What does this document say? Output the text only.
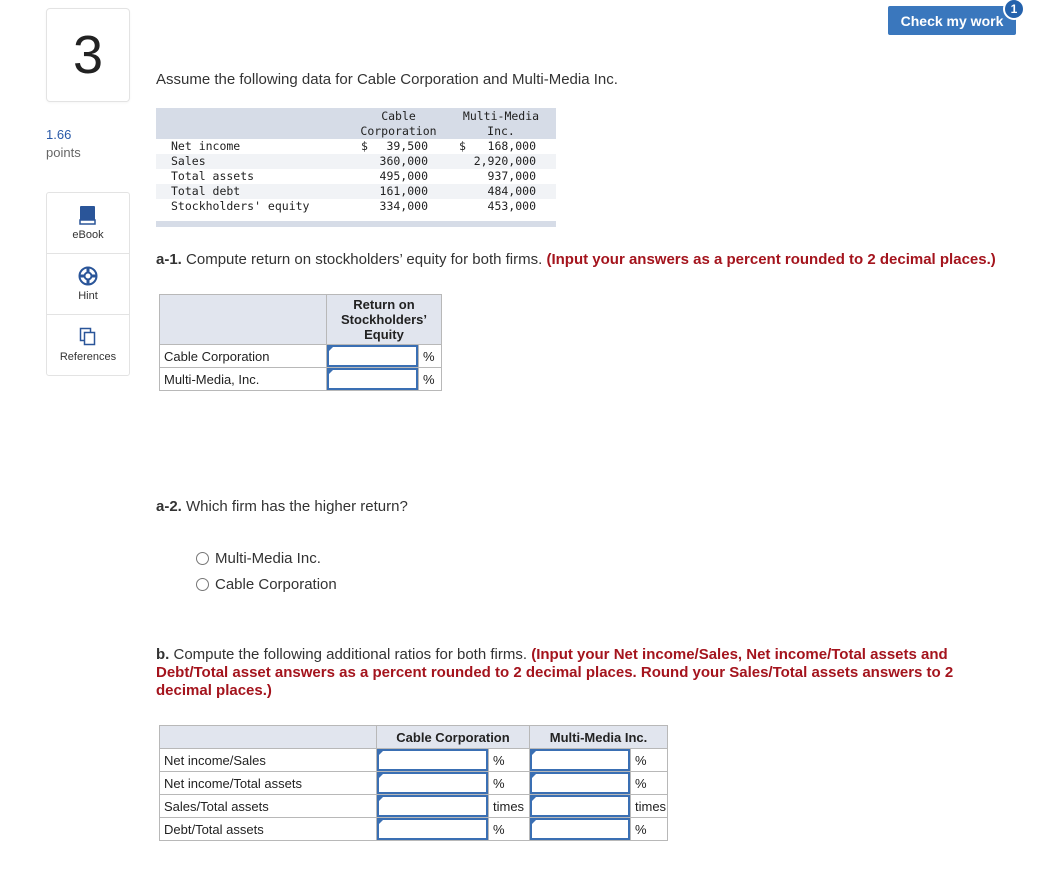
3
1.66
points
eBook
Hint
References
Check my work
1
Assume the following data for Cable Corporation and Multi-Media Inc.
Cable
Corporation
Multi-Media
Inc.
Net income	$ 39,500	$ 168,000
Sales	360,000	2,920,000
Total assets	495,000	937,000
Total debt	161,000	484,000
Stockholders' equity	334,000	453,000
a-1. Compute return on stockholders’ equity for both firms. (Input your answers as a percent rounded to 2 decimal places.)

	Return on
Stockholders’
Equity	

Cable Corporation		%
Multi-Media, Inc.		%
a-2. Which firm has the higher return?
Multi-Media Inc.
Cable Corporation
b. Compute the following additional ratios for both firms. (Input your Net income/Sales, Net income/Total assets and
Debt/Total asset answers as a percent rounded to 2 decimal places. Round your Sales/Total assets answers to 2
decimal places.)
	Cable Corporation		Multi-Media Inc.	
Net income/Sales		%		%
Net income/Total assets		%		%
Sales/Total assets		times		times
Debt/Total assets		%		%
